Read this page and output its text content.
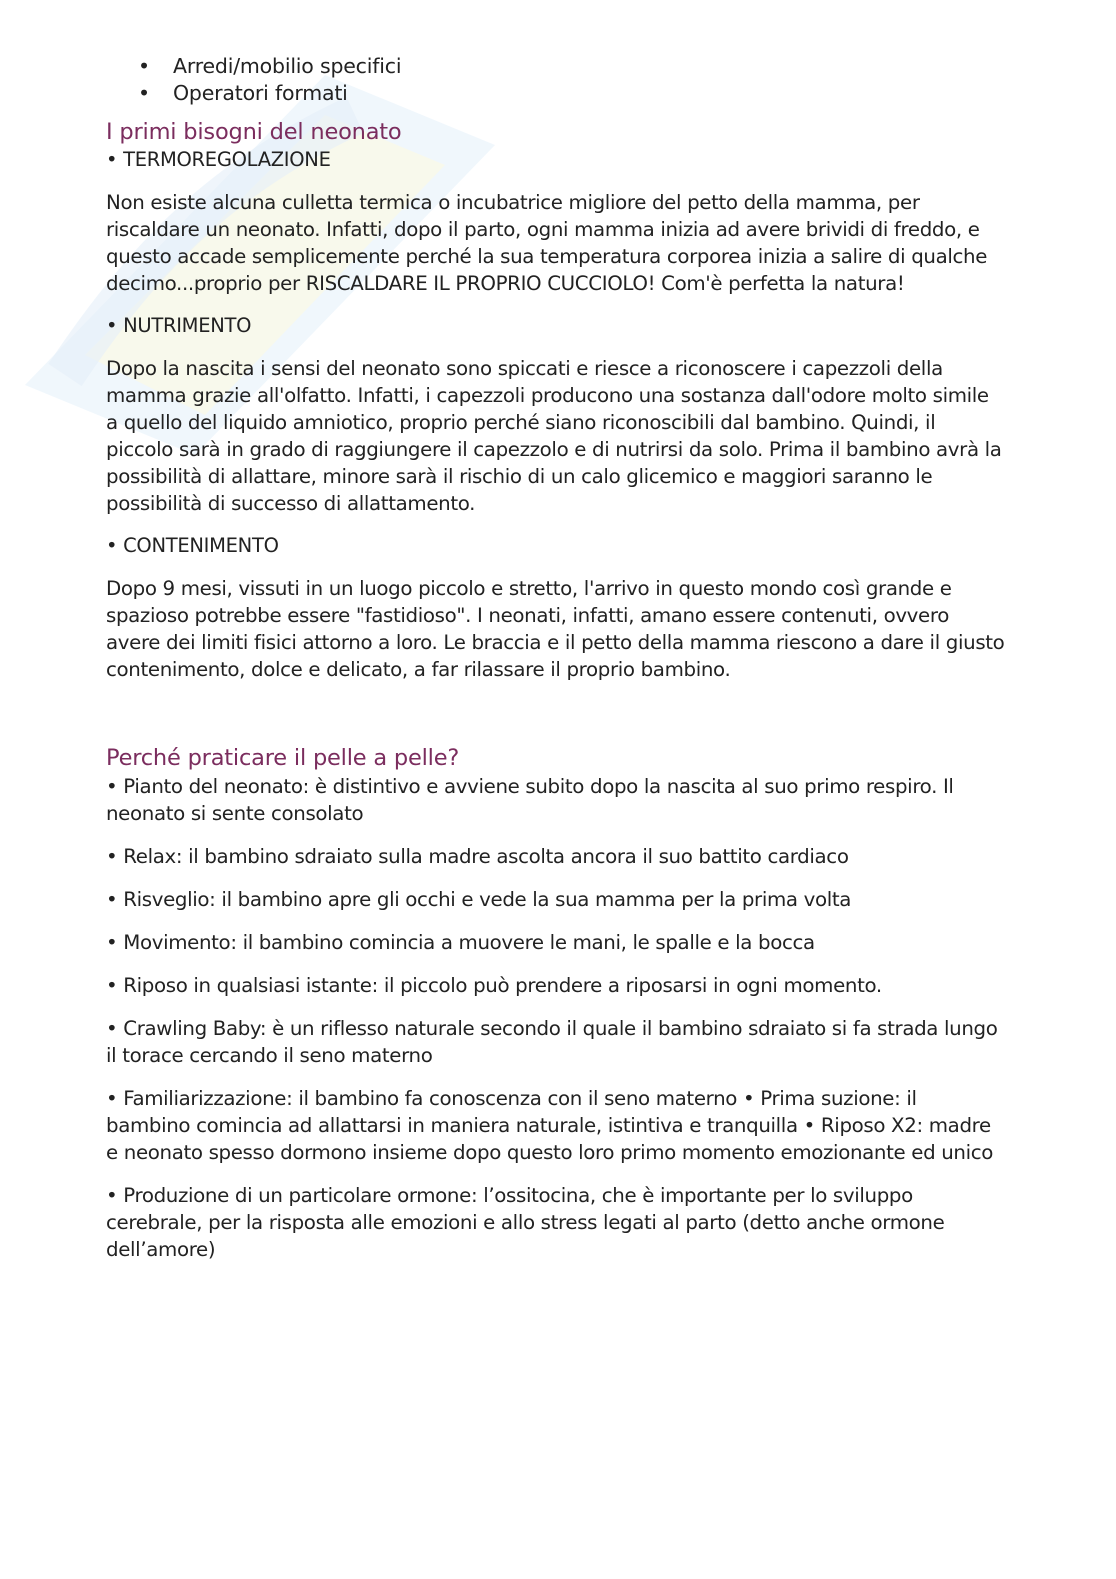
• Arredi/mobilio specifici
• Operatori formati
I primi bisogni del neonato
• TERMOREGOLAZIONE

Non esiste alcuna culletta termica o incubatrice migliore del petto della mamma, per riscaldare un neonato. Infatti, dopo il parto, ogni mamma inizia ad avere brividi di freddo, e questo accade semplicemente perché la sua temperatura corporea inizia a salire di qualche decimo...proprio per RISCALDARE IL PROPRIO CUCCIOLO! Com'è perfetta la natura!

• NUTRIMENTO

Dopo la nascita i sensi del neonato sono spiccati e riesce a riconoscere i capezzoli della mamma grazie all'olfatto. Infatti, i capezzoli producono una sostanza dall'odore molto simile a quello del liquido amniotico, proprio perché siano riconoscibili dal bambino. Quindi, il piccolo sarà in grado di raggiungere il capezzolo e di nutrirsi da solo. Prima il bambino avrà la possibilità di allattare, minore sarà il rischio di un calo glicemico e maggiori saranno le possibilità di successo di allattamento.

• CONTENIMENTO

Dopo 9 mesi, vissuti in un luogo piccolo e stretto, l'arrivo in questo mondo così grande e spazioso potrebbe essere "fastidioso". I neonati, infatti, amano essere contenuti, ovvero avere dei limiti fisici attorno a loro. Le braccia e il petto della mamma riescono a dare il giusto contenimento, dolce e delicato, a far rilassare il proprio bambino.

Perché praticare il pelle a pelle?

• Pianto del neonato: è distintivo e avviene subito dopo la nascita al suo primo respiro. Il neonato si sente consolato

• Relax: il bambino sdraiato sulla madre ascolta ancora il suo battito cardiaco

• Risveglio: il bambino apre gli occhi e vede la sua mamma per la prima volta

• Movimento: il bambino comincia a muovere le mani, le spalle e la bocca

• Riposo in qualsiasi istante: il piccolo può prendere a riposarsi in ogni momento.

• Crawling Baby: è un riflesso naturale secondo il quale il bambino sdraiato si fa strada lungo il torace cercando il seno materno

• Familiarizzazione: il bambino fa conoscenza con il seno materno • Prima suzione: il bambino comincia ad allattarsi in maniera naturale, istintiva e tranquilla • Riposo X2: madre e neonato spesso dormono insieme dopo questo loro primo momento emozionante ed unico

• Produzione di un particolare ormone: l’ossitocina, che è importante per lo sviluppo cerebrale, per la risposta alle emozioni e allo stress legati al parto (detto anche ormone dell’amore)
